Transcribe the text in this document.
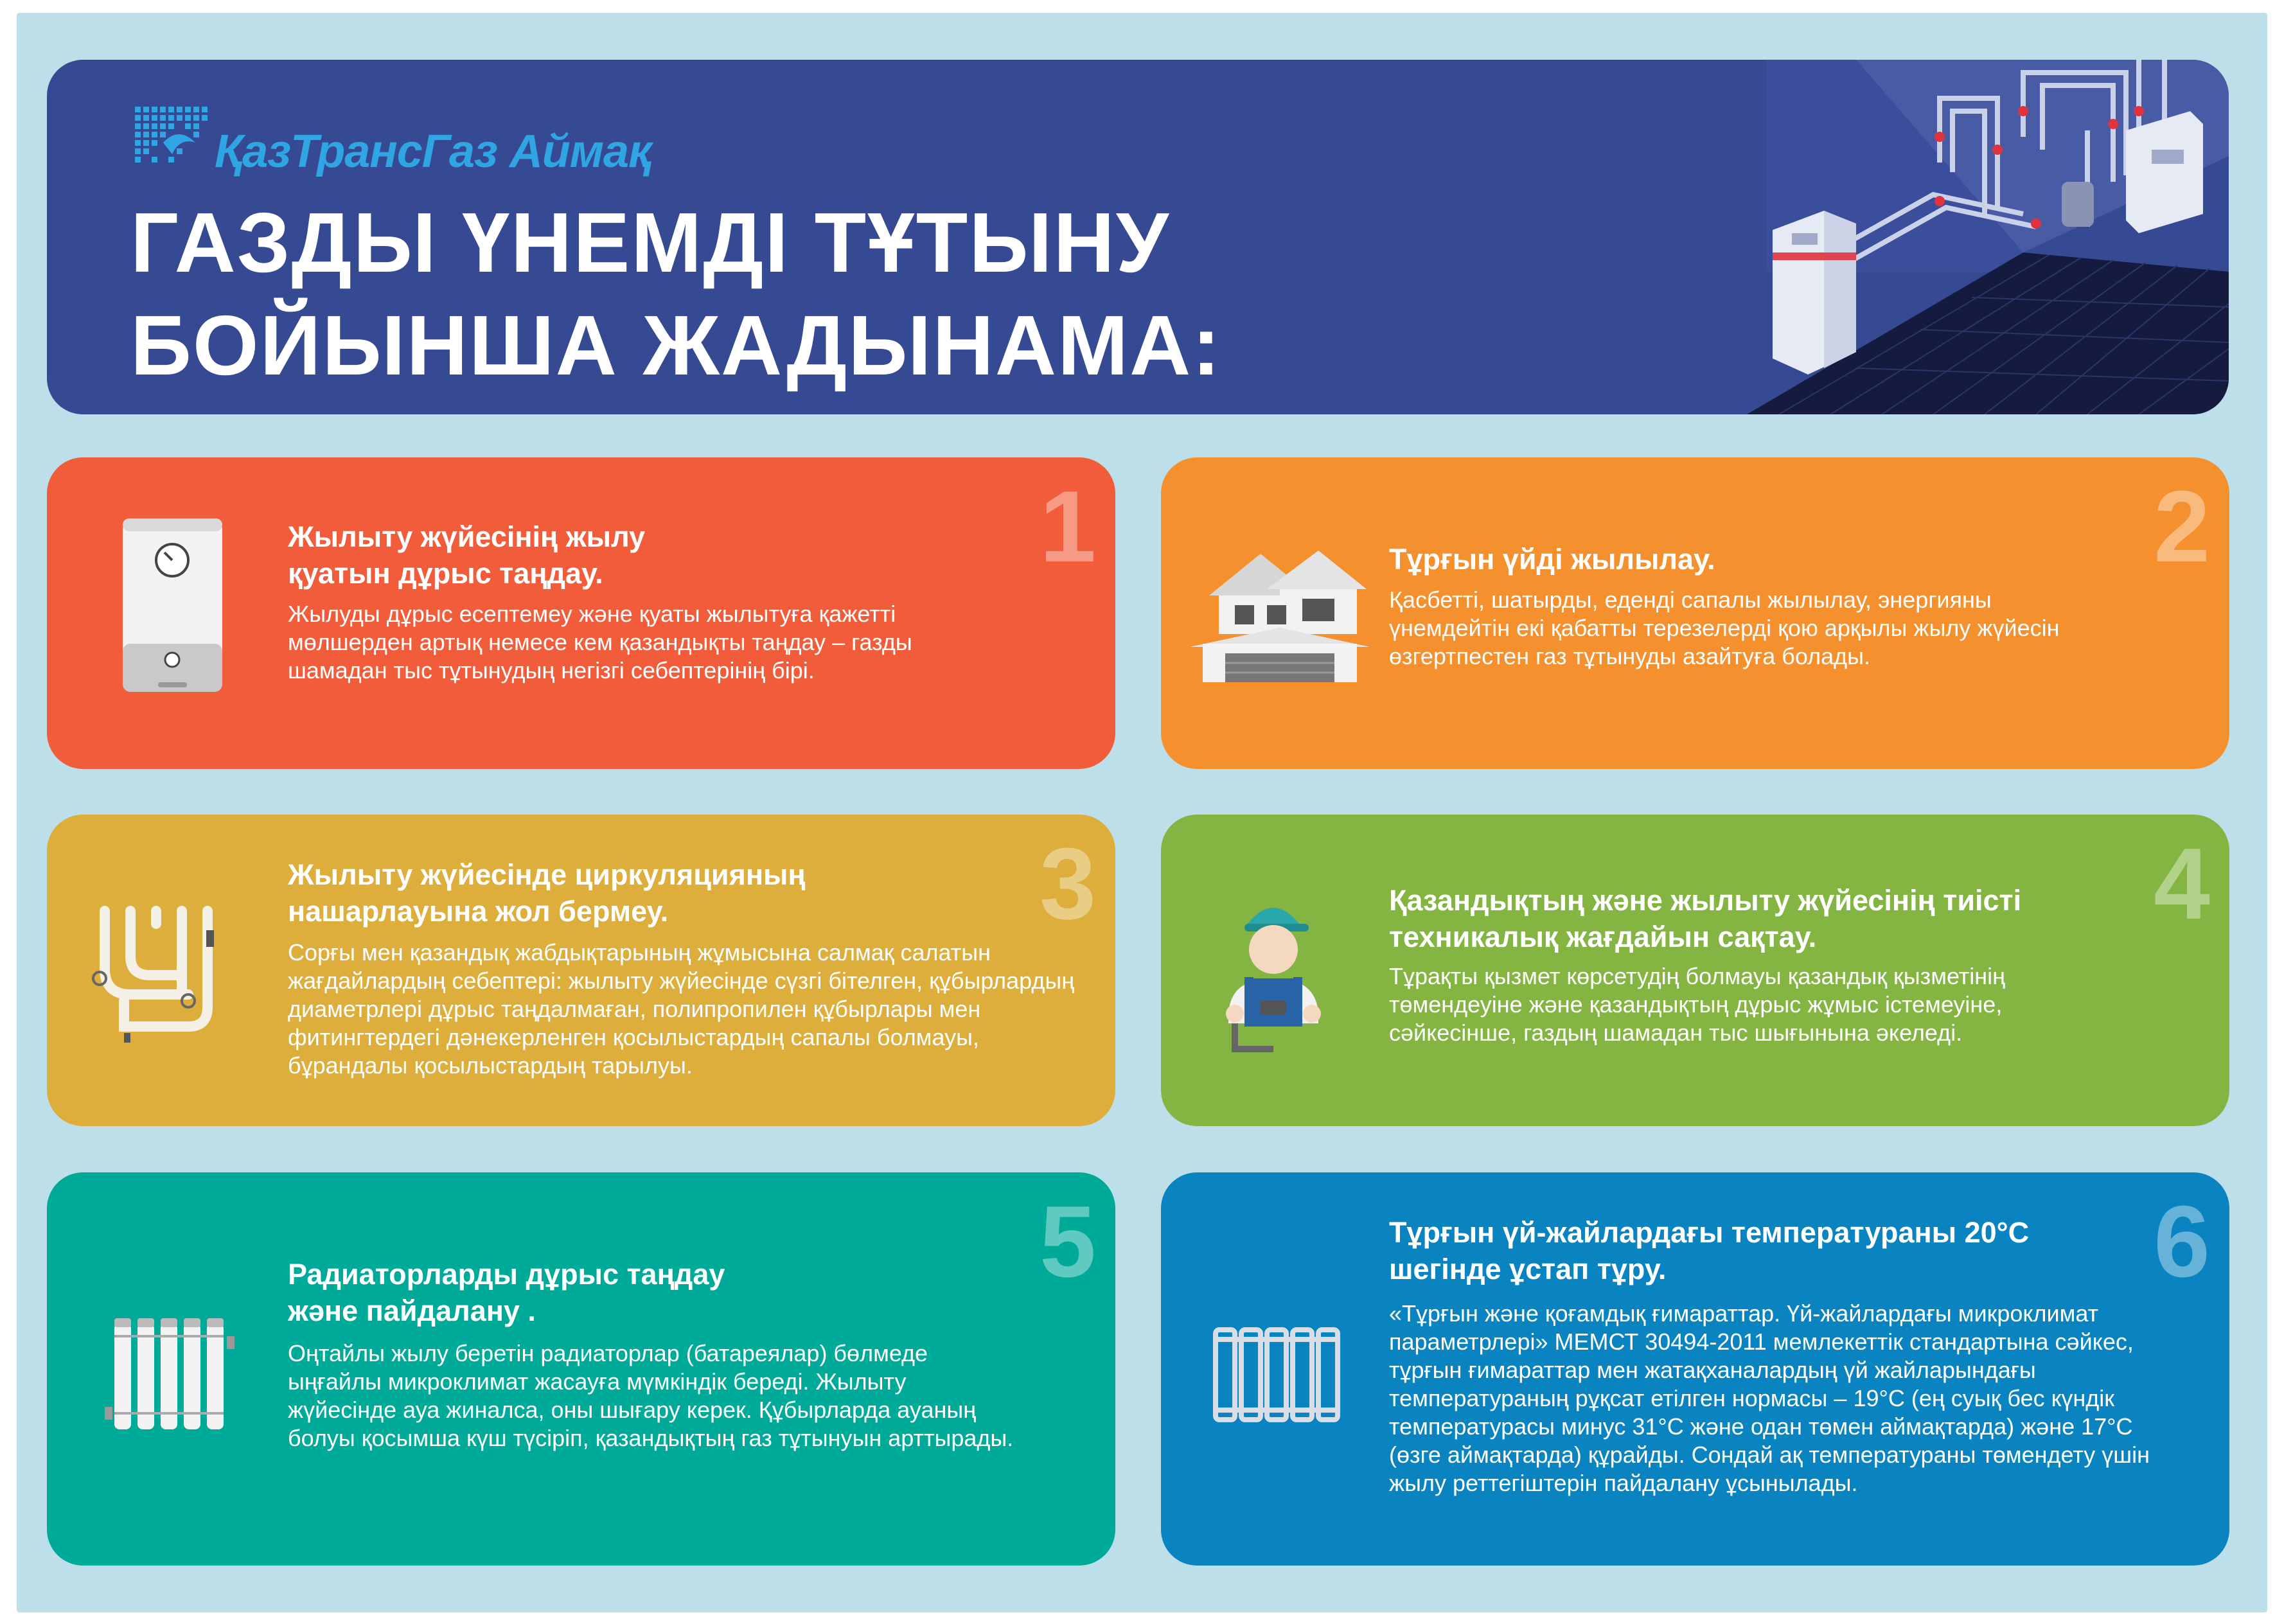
ҚазТрансГаз Аймақ
ГАЗДЫ ҮНЕМДІ ТҰТЫНУ
БОЙЫНША ЖАДЫНАМА:
1
Жылыту жүйесінің жылу қуатын дұрыс таңдау.
Жылуды дұрыс есептемеу және қуаты жылытуға қажетті мөлшерден артық немесе кем қазандықты таңдау – газды шамадан тыс тұтынудың негізгі себептерінің бірі.
2
Тұрғын үйді жылылау.
Қасбетті, шатырды, еденді сапалы жылылау, энергияны үнемдейтін екі қабатты терезелерді қою арқылы жылу жүйесін өзгертпестен газ тұтынуды азайтуға болады.
3
Жылыту жүйесінде циркуляцияның нашарлауына жол бермеу.
Сорғы мен қазандық жабдықтарының жұмысына салмақ салатын жағдайлардың себептері: жылыту жүйесінде сүзгі бітелген, құбырлардың диаметрлері дұрыс таңдалмаған, полипропилен құбырлары мен фитингтердегі дәнекерленген қосылыстардың сапалы болмауы, бұрандалы қосылыстардың тарылуы.
4
Қазандықтың және жылыту жүйесінің тиісті техникалық жағдайын сақтау.
Тұрақты қызмет көрсетудің болмауы қазандық қызметінің төмендеуіне және қазандықтың дұрыс жұмыс істемеуіне, сәйкесінше, газдың шамадан тыс шығынына әкеледі.
5
Радиаторларды дұрыс таңдау және пайдалану .
Оңтайлы жылу беретін радиаторлар (батареялар) бөлмеде ыңғайлы микроклимат жасауға мүмкіндік береді. Жылыту жүйесінде ауа жиналса, оны шығару керек. Құбырларда ауаның болуы қосымша күш түсіріп, қазандықтың газ тұтынуын арттырады.
6
Тұрғын үй-жайлардағы температураны 20°С шегінде ұстап тұру.
«Тұрғын және қоғамдық ғимараттар. Үй-жайлардағы микроклимат параметрлері» МЕМСТ 30494-2011 мемлекеттік стандартына сәйкес, тұрғын ғимараттар мен жатақханалардың үй жайларындағы температураның рұқсат етілген нормасы – 19°С (ең суық бес күндік температурасы минус 31°С және одан төмен аймақтарда) және 17°С (өзге аймақтарда) құрайды. Сондай ақ температураны төмендету үшін жылу реттегіштерін пайдалану ұсынылады.
